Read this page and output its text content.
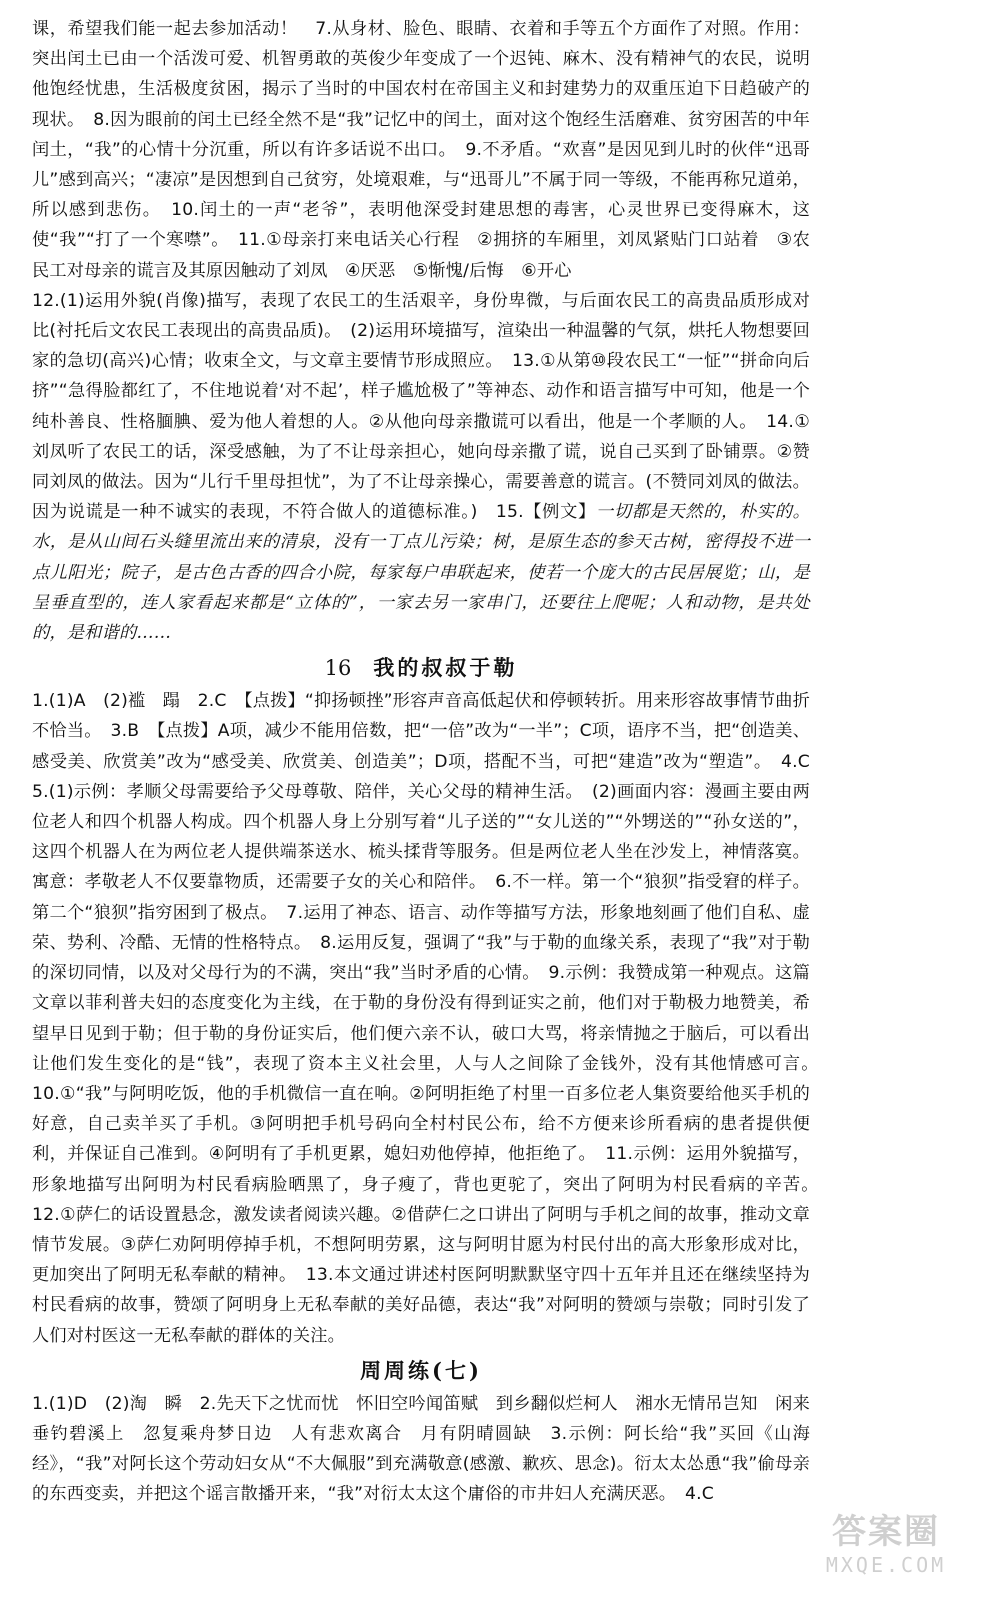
课，希望我们能一起去参加活动！　7.从身材、脸色、眼睛、衣着和手等五个方面作了对照。作用：突出闰土已由一个活泼可爱、机智勇敢的英俊少年变成了一个迟钝、麻木、没有精神气的农民，说明他饱经忧患，生活极度贫困，揭示了当时的中国农村在帝国主义和封建势力的双重压迫下日趋破产的现状。　8.因为眼前的闰土已经全然不是“我”记忆中的闰土，面对这个饱经生活磨难、贫穷困苦的中年闰土，“我”的心情十分沉重，所以有许多话说不出口。　9.不矛盾。“欢喜”是因见到儿时的伙伴“迅哥儿”感到高兴；“凄凉”是因想到自己贫穷，处境艰难，与“迅哥儿”不属于同一等级，不能再称兄道弟，所以感到悲伤。　10.闰土的一声“老爷”，表明他深受封建思想的毒害，心灵世界已变得麻木，这使“我”“打了一个寒噤”。　11.①母亲打来电话关心行程　②拥挤的车厢里，刘凤紧贴门口站着　③农民工对母亲的谎言及其原因触动了刘凤　④厌恶　⑤惭愧/后悔　⑥开心

12.(1)运用外貌(肖像)描写，表现了农民工的生活艰辛，身份卑微，与后面农民工的高贵品质形成对比(衬托后文农民工表现出的高贵品质)。　(2)运用环境描写，渲染出一种温馨的气氛，烘托人物想要回家的急切(高兴)心情；收束全文，与文章主要情节形成照应。　13.①从第⑩段农民工“一怔”“拼命向后挤”“急得脸都红了，不住地说着‘对不起’，样子尴尬极了”等神态、动作和语言描写中可知，他是一个纯朴善良、性格腼腆、爱为他人着想的人。②从他向母亲撒谎可以看出，他是一个孝顺的人。　14.①刘凤听了农民工的话，深受感触，为了不让母亲担心，她向母亲撒了谎，说自己买到了卧铺票。②赞同刘凤的做法。因为“儿行千里母担忧”，为了不让母亲操心，需要善意的谎言。(不赞同刘凤的做法。因为说谎是一种不诚实的表现，不符合做人的道德标准。)　15.【例文】一切都是天然的，朴实的。水，是从山间石头缝里流出来的清泉，没有一丁点儿污染；树，是原生态的参天古树，密得投不进一点儿阳光；院子，是古色古香的四合小院，每家每户串联起来，使若一个庞大的古民居展览；山，是呈垂直型的，连人家看起来都是“立体的”，一家去另一家串门，还要往上爬呢；人和动物，是共处的，是和谐的……

16 我的叔叔于勒

1.(1)A　(2)褴　蹋　2.C　【点拨】“抑扬顿挫”形容声音高低起伏和停顿转折。用来形容故事情节曲折不恰当。　3.B　【点拨】A项，减少不能用倍数，把“一倍”改为“一半”；C项，语序不当，把“创造美、感受美、欣赏美”改为“感受美、欣赏美、创造美”；D项，搭配不当，可把“建造”改为“塑造”。　4.C　5.(1)示例：孝顺父母需要给予父母尊敬、陪伴，关心父母的精神生活。　(2)画面内容：漫画主要由两位老人和四个机器人构成。四个机器人身上分别写着“儿子送的”“女儿送的”“外甥送的”“孙女送的”，这四个机器人在为两位老人提供端茶送水、梳头揉背等服务。但是两位老人坐在沙发上，神情落寞。寓意：孝敬老人不仅要靠物质，还需要子女的关心和陪伴。　6.不一样。第一个“狼狈”指受窘的样子。第二个“狼狈”指穷困到了极点。　7.运用了神态、语言、动作等描写方法，形象地刻画了他们自私、虚荣、势利、冷酷、无情的性格特点。　8.运用反复，强调了“我”与于勒的血缘关系，表现了“我”对于勒的深切同情，以及对父母行为的不满，突出“我”当时矛盾的心情。　9.示例：我赞成第一种观点。这篇文章以菲利普夫妇的态度变化为主线，在于勒的身份没有得到证实之前，他们对于勒极力地赞美，希望早日见到于勒；但于勒的身份证实后，他们便六亲不认，破口大骂，将亲情抛之于脑后，可以看出让他们发生变化的是“钱”，表现了资本主义社会里，人与人之间除了金钱外，没有其他情感可言。　10.①“我”与阿明吃饭，他的手机微信一直在响。②阿明拒绝了村里一百多位老人集资要给他买手机的好意，自己卖羊买了手机。③阿明把手机号码向全村村民公布，给不方便来诊所看病的患者提供便利，并保证自己准到。④阿明有了手机更累，媳妇劝他停掉，他拒绝了。　11.示例：运用外貌描写，形象地描写出阿明为村民看病脸晒黑了，身子瘦了，背也更驼了，突出了阿明为村民看病的辛苦。　12.①萨仁的话设置悬念，激发读者阅读兴趣。②借萨仁之口讲出了阿明与手机之间的故事，推动文章情节发展。③萨仁劝阿明停掉手机，不想阿明劳累，这与阿明甘愿为村民付出的高大形象形成对比，更加突出了阿明无私奉献的精神。　13.本文通过讲述村医阿明默默坚守四十五年并且还在继续坚持为村民看病的故事，赞颂了阿明身上无私奉献的美好品德，表达“我”对阿明的赞颂与崇敬；同时引发了人们对村医这一无私奉献的群体的关注。

周周练(七)

1.(1)D　(2)淘　瞬　2.先天下之忧而忧　怀旧空吟闻笛赋　到乡翻似烂柯人　湘水无情吊岂知　闲来垂钓碧溪上　忽复乘舟梦日边　人有悲欢离合　月有阴晴圆缺　3.示例：阿长给“我”买回《山海经》，“我”对阿长这个劳动妇女从“不大佩服”到充满敬意(感激、歉疚、思念)。衍太太怂恿“我”偷母亲的东西变卖，并把这个谣言散播开来，“我”对衍太太这个庸俗的市井妇人充满厌恶。　4.C

答案圈
MXQE.COM
